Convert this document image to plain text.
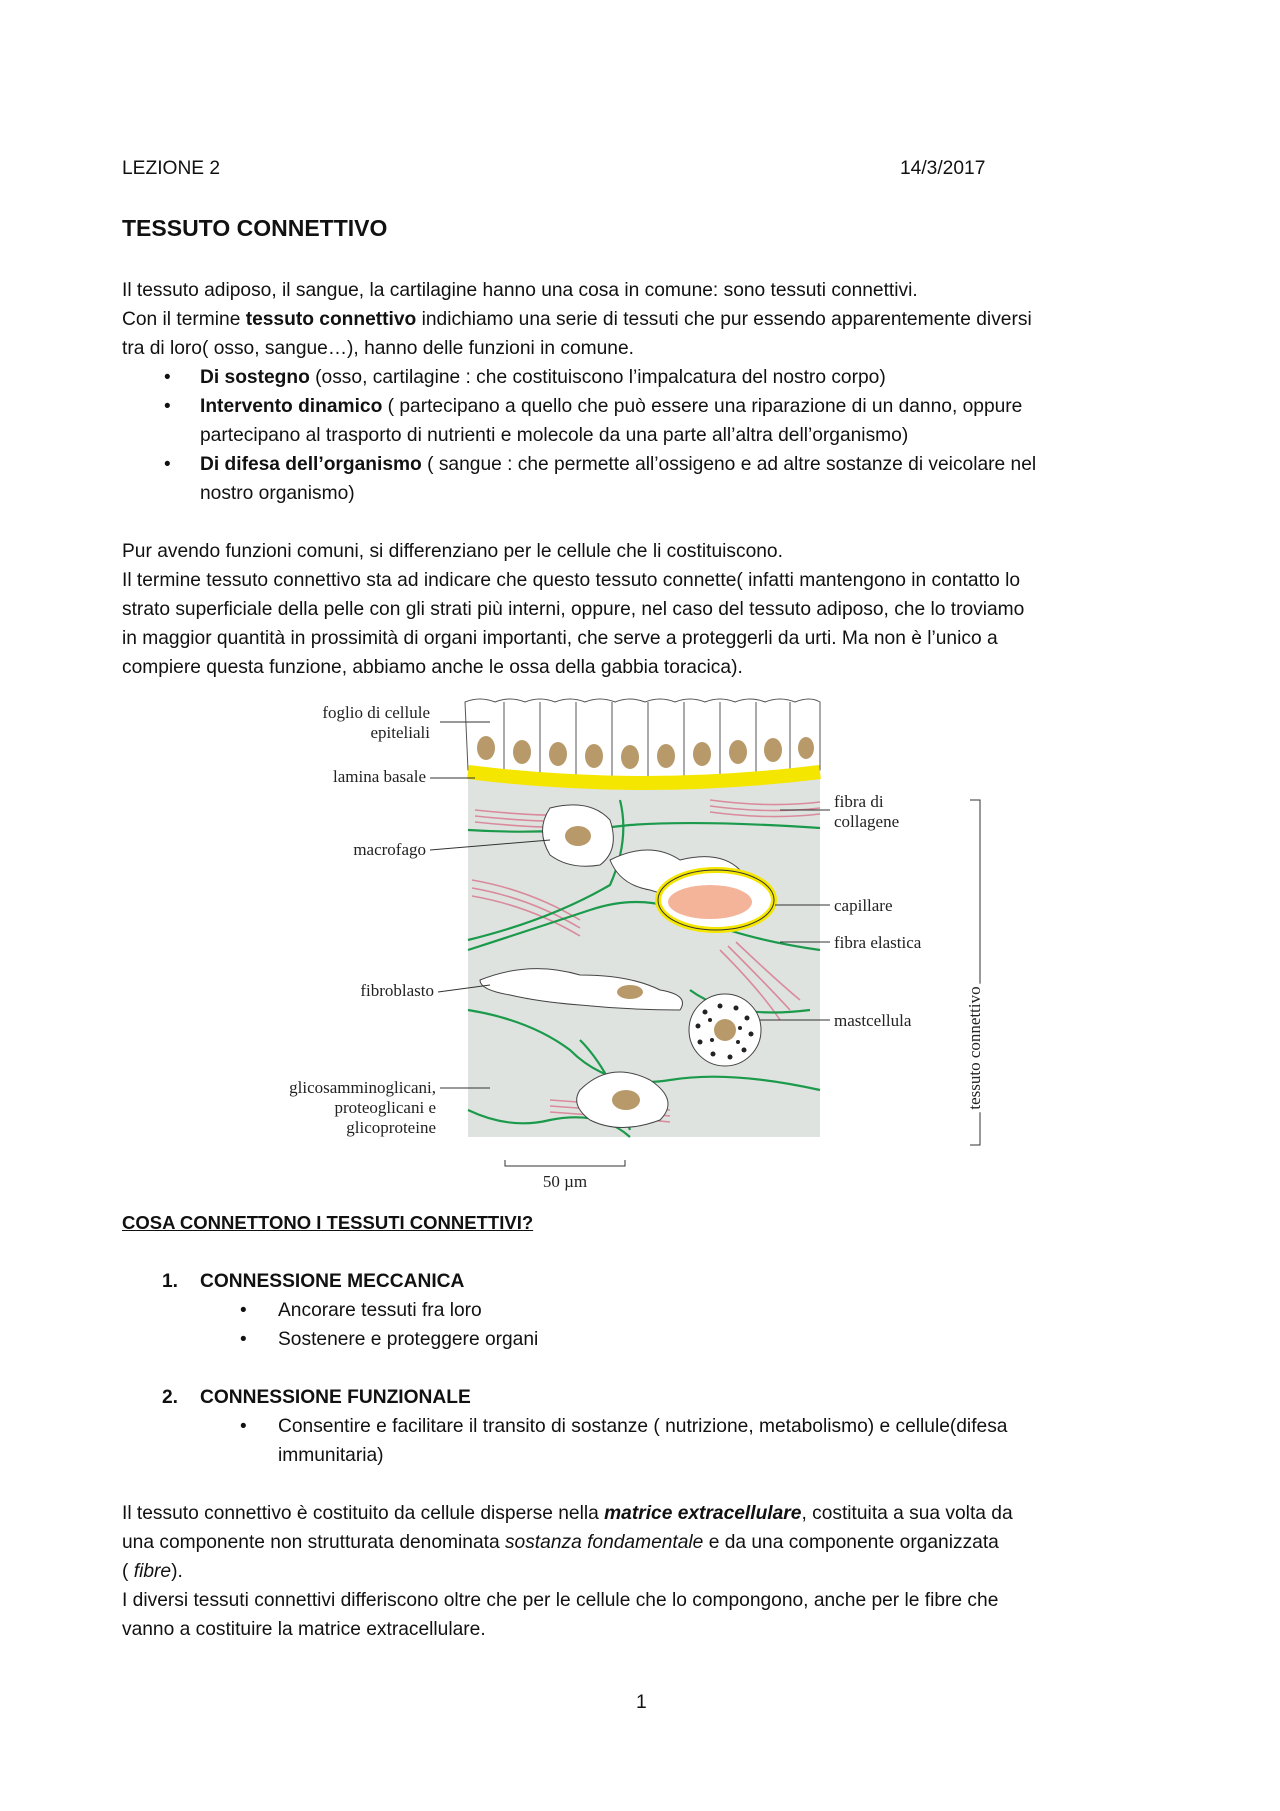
LEZIONE 2	14/3/2017
TESSUTO CONNETTIVO
Il tessuto adiposo, il sangue, la cartilagine hanno una cosa in comune: sono tessuti connettivi.
Con il termine tessuto connettivo indichiamo una serie di tessuti che pur essendo apparentemente diversi
tra di loro( osso, sangue…), hanno delle funzioni in comune.
• Di sostegno (osso, cartilagine : che costituiscono l’impalcatura del nostro corpo)
• Intervento dinamico ( partecipano a quello che può essere una riparazione di un danno, oppure
partecipano al trasporto di nutrienti e molecole da una parte all’altra dell’organismo)
• Di difesa dell’organismo ( sangue : che permette all’ossigeno e ad altre sostanze di veicolare nel
nostro organismo)
Pur avendo funzioni comuni, si differenziano per le cellule che li costituiscono.
Il termine tessuto connettivo sta ad indicare che questo tessuto connette( infatti mantengono in contatto lo
strato superficiale della pelle con gli strati più interni, oppure, nel caso del tessuto adiposo, che lo troviamo
in maggior quantità in prossimità di organi importanti, che serve a proteggerli da urti. Ma non è l’unico a
compiere questa funzione, abbiamo anche le ossa della gabbia toracica).
foglio di cellule
epiteliali
lamina basale
macrofago
fibroblasto
glicosamminoglicani,
proteoglicani e
glicoproteine
fibra di
collagene
capillare
fibra elastica
mastcellula	tessuto connettivo
50 µm
COSA CONNETTONO I TESSUTI CONNETTIVI?
1. CONNESSIONE MECCANICA
• Ancorare tessuti fra loro
• Sostenere e proteggere organi
2. CONNESSIONE FUNZIONALE
• Consentire e facilitare il transito di sostanze ( nutrizione, metabolismo) e cellule(difesa
immunitaria)
Il tessuto connettivo è costituito da cellule disperse nella matrice extracellulare, costituita a sua volta da
una componente non strutturata denominata sostanza fondamentale e da una componente organizzata
( fibre).
I diversi tessuti connettivi differiscono oltre che per le cellule che lo compongono, anche per le fibre che
vanno a costituire la matrice extracellulare.
1
